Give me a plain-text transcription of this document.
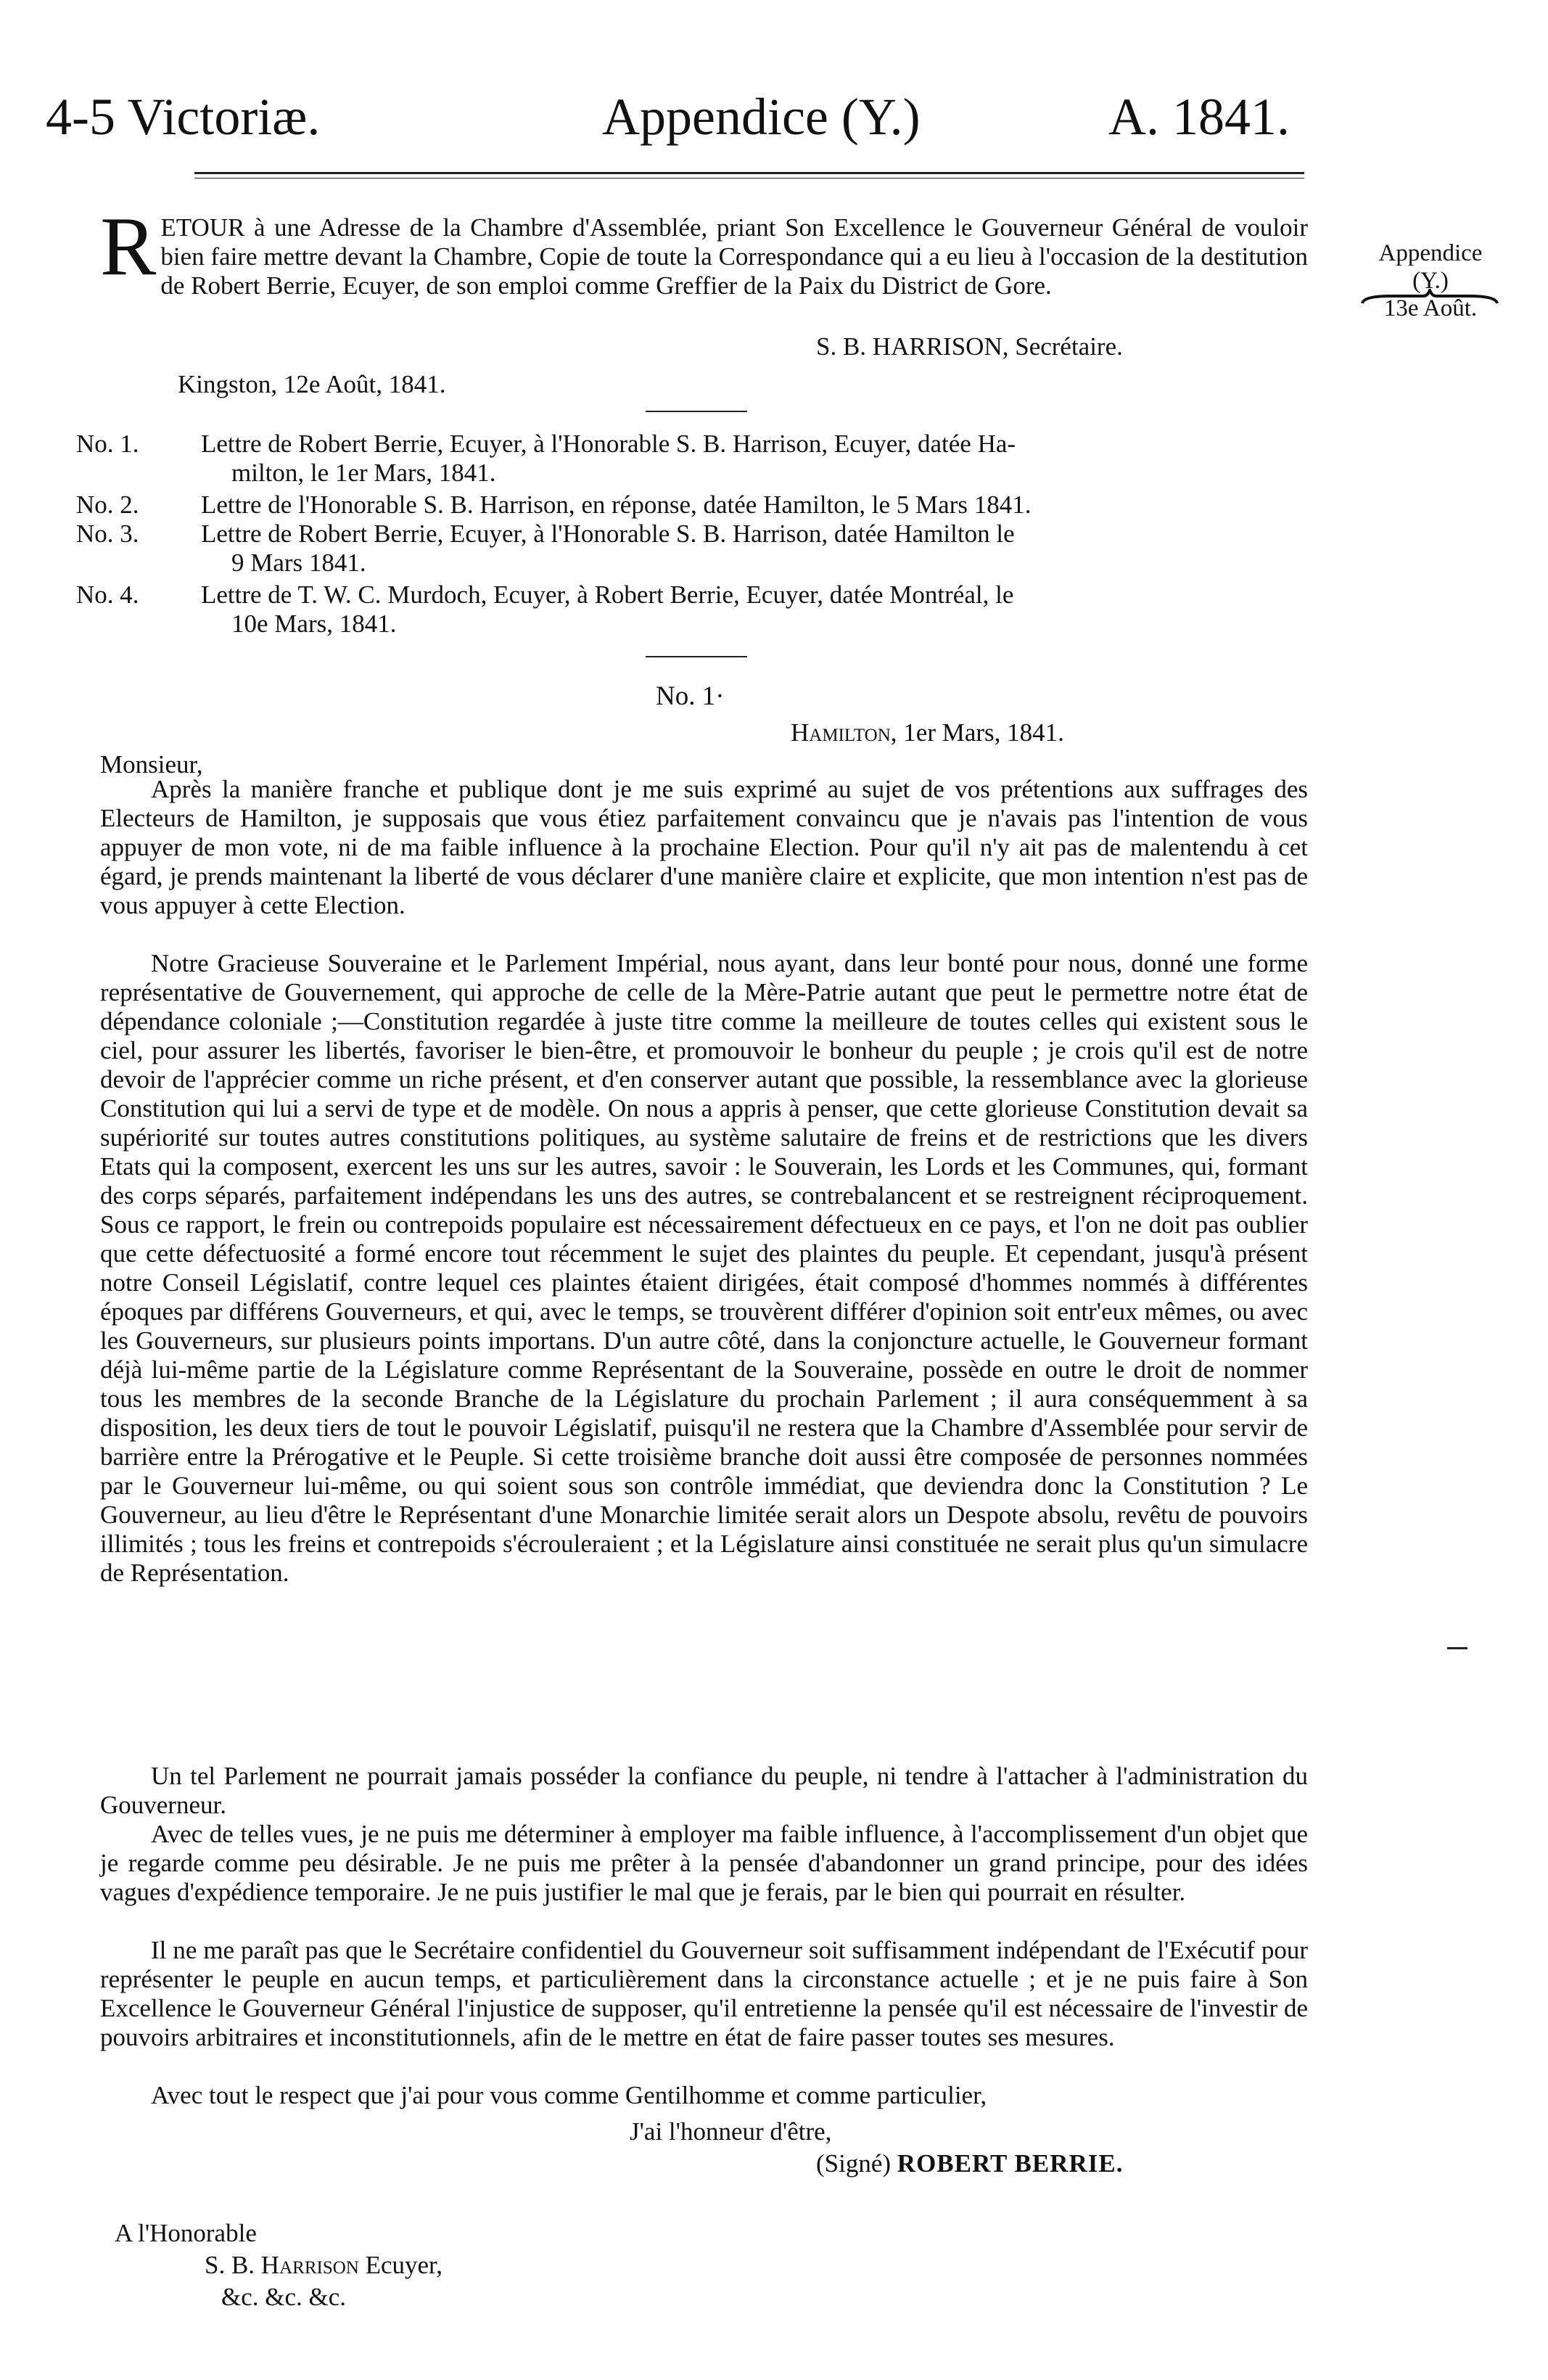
4-5 Victoriæ.	Appendice (Y.)	A. 1841.
Appendice
(Y.)
13e Août.
RETOUR à une Adresse de la Chambre d'Assemblée, priant Son Excellence le Gouverneur Général de vouloir bien faire mettre devant la Chambre, Copie de toute la Correspondance qui a eu lieu à l'occasion de la destitution de Robert Berrie, Ecuyer, de son emploi comme Greffier de la Paix du District de Gore.
S. B. HARRISON, Secrétaire.
Kingston, 12e Août, 1841.
No. 1.	Lettre de Robert Berrie, Ecuyer, à l'Honorable S. B. Harrison, Ecuyer, datée Ha-
milton, le 1er Mars, 1841.
No. 2.	Lettre de l'Honorable S. B. Harrison, en réponse, datée Hamilton, le 5 Mars 1841.
No. 3.	Lettre de Robert Berrie, Ecuyer, à l'Honorable S. B. Harrison, datée Hamilton le
9 Mars 1841.
No. 4.	Lettre de T. W. C. Murdoch, Ecuyer, à Robert Berrie, Ecuyer, datée Montréal, le
10e Mars, 1841.
No. 1·
Hamilton, 1er Mars, 1841.
Monsieur,
Après la manière franche et publique dont je me suis exprimé au sujet de vos prétentions aux suffrages des Electeurs de Hamilton, je supposais que vous étiez parfaitement convaincu que je n'avais pas l'intention de vous appuyer de mon vote, ni de ma faible influence à la prochaine Election. Pour qu'il n'y ait pas de malentendu à cet égard, je prends maintenant la liberté de vous déclarer d'une manière claire et explicite, que mon intention n'est pas de vous appuyer à cette Election.
Notre Gracieuse Souveraine et le Parlement Impérial, nous ayant, dans leur bonté pour nous, donné une forme représentative de Gouvernement, qui approche de celle de la Mère-Patrie autant que peut le permettre notre état de dépendance coloniale ;—Constitution regardée à juste titre comme la meilleure de toutes celles qui existent sous le ciel, pour assurer les libertés, favoriser le bien-être, et promouvoir le bonheur du peuple ; je crois qu'il est de notre devoir de l'apprécier comme un riche présent, et d'en conserver autant que possible, la ressemblance avec la glorieuse Constitution qui lui a servi de type et de modèle. On nous a appris à penser, que cette glorieuse Constitution devait sa supériorité sur toutes autres constitutions politiques, au système salutaire de freins et de restrictions que les divers Etats qui la composent, exercent les uns sur les autres, savoir : le Souverain, les Lords et les Communes, qui, formant des corps séparés, parfaitement indépendans les uns des autres, se contrebalancent et se restreignent réciproquement. Sous ce rapport, le frein ou contrepoids populaire est nécessairement défectueux en ce pays, et l'on ne doit pas oublier que cette défectuosité a formé encore tout récemment le sujet des plaintes du peuple. Et cependant, jusqu'à présent notre Conseil Législatif, contre lequel ces plaintes étaient dirigées, était composé d'hommes nommés à différentes époques par différens Gouverneurs, et qui, avec le temps, se trouvèrent différer d'opinion soit entr'eux mêmes, ou avec les Gouverneurs, sur plusieurs points importans. D'un autre côté, dans la conjoncture actuelle, le Gouverneur formant déjà lui-même partie de la Législature comme Représentant de la Souveraine, possède en outre le droit de nommer tous les membres de la seconde Branche de la Législature du prochain Parlement ; il aura conséquemment à sa disposition, les deux tiers de tout le pouvoir Législatif, puisqu'il ne restera que la Chambre d'Assemblée pour servir de barrière entre la Prérogative et le Peuple. Si cette troisième branche doit aussi être composée de personnes nommées par le Gouverneur lui-même, ou qui soient sous son contrôle immédiat, que deviendra donc la Constitution ? Le Gouverneur, au lieu d'être le Représentant d'une Monarchie limitée serait alors un Despote absolu, revêtu de pouvoirs illimités ; tous les freins et contrepoids s'écrouleraient ; et la Législature ainsi constituée ne serait plus qu'un simulacre de Représentation.
Un tel Parlement ne pourrait jamais posséder la confiance du peuple, ni tendre à l'attacher à l'administration du Gouverneur.
Avec de telles vues, je ne puis me déterminer à employer ma faible influence, à l'accomplissement d'un objet que je regarde comme peu désirable. Je ne puis me prêter à la pensée d'abandonner un grand principe, pour des idées vagues d'expédience temporaire. Je ne puis justifier le mal que je ferais, par le bien qui pourrait en résulter.
Il ne me paraît pas que le Secrétaire confidentiel du Gouverneur soit suffisamment indépendant de l'Exécutif pour représenter le peuple en aucun temps, et particulièrement dans la circonstance actuelle ; et je ne puis faire à Son Excellence le Gouverneur Général l'injustice de supposer, qu'il entretienne la pensée qu'il est nécessaire de l'investir de pouvoirs arbitraires et inconstitutionnels, afin de le mettre en état de faire passer toutes ses mesures.
Avec tout le respect que j'ai pour vous comme Gentilhomme et comme particulier,
J'ai l'honneur d'être,
(Signé) ROBERT BERRIE.
A l'Honorable
S. B. Harrison Ecuyer,
&c. &c. &c.
